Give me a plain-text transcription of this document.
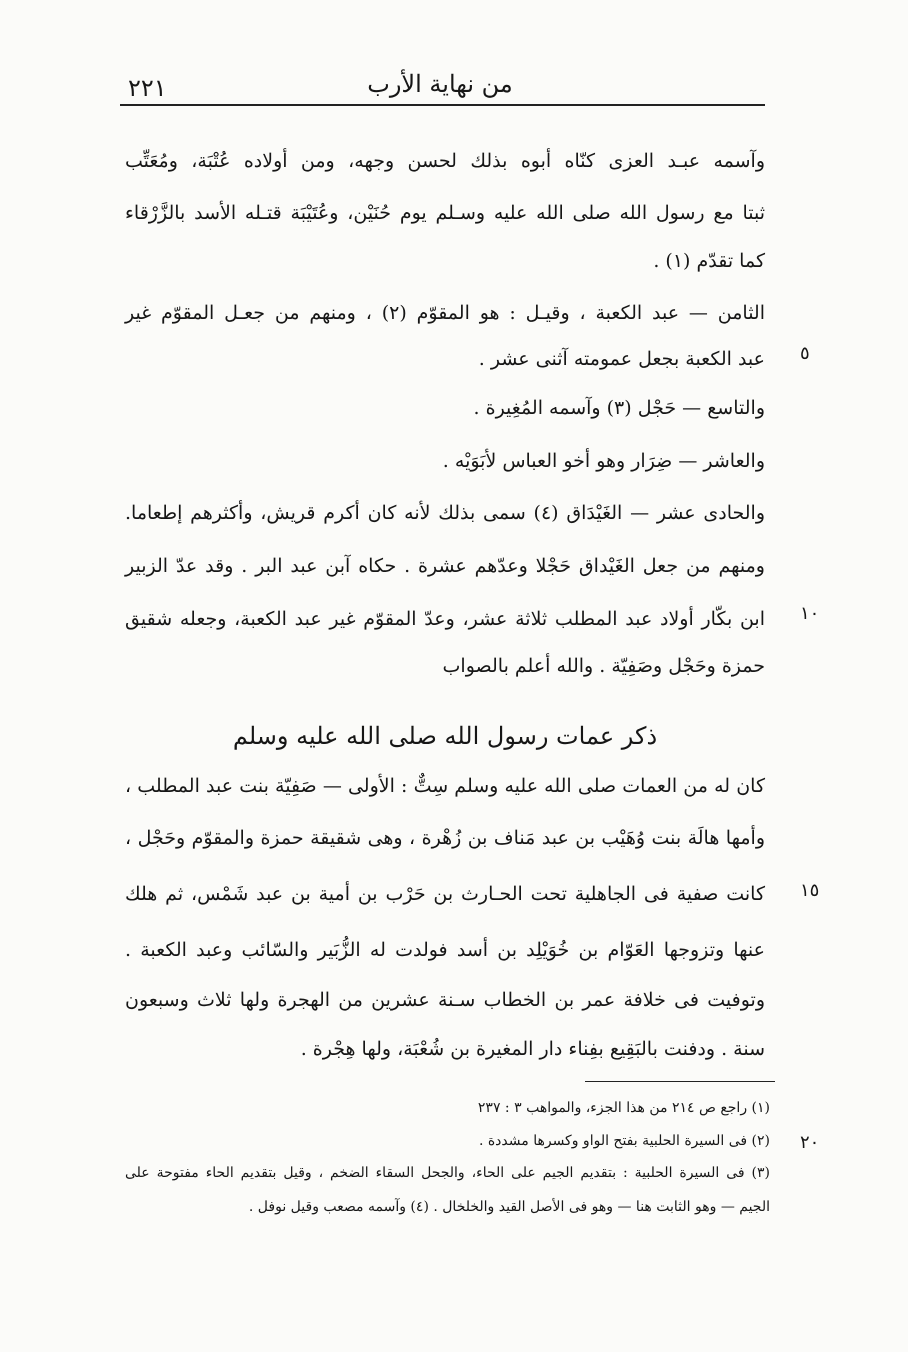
٢٢١	من نهاية الأرب
وآسمه عبـد العزى كنّاه أبوه بذلك لحسن وجهه، ومن أولاده عُتْبَة، ومُعَتِّب
ثبتا مع رسول الله صلى الله عليه وسـلم يوم حُنَيْن، وعُتَيْبَة قتـله الأسد بالزَّرْقاء
كما تقدّم (١) .
الثامن — عبد الكعبة ، وقيـل : هو المقوّم (٢) ، ومنهم من جعـل المقوّم غير
عبد الكعبة بجعل عمومته آثنى عشر .
والتاسع — حَجْل (٣) وآسمه المُغِيرة .
والعاشر — ضِرَار وهو أخو العباس لأبَوَيْه .
والحادى عشر — الغَيْدَاق (٤) سمى بذلك لأنه كان أكرم قريش، وأكثرهم إطعاما.
ومنهم من جعل الغَيْداق حَجْلا وعدّهم عشرة . حكاه آبن عبد البر . وقد عدّ الزبير
ابن بكّار أولاد عبد المطلب ثلاثة عشر، وعدّ المقوّم غير عبد الكعبة، وجعله شقيق
حمزة وحَجْل وصَفِيّة . والله أعلم بالصواب
ذكر عمات رسول الله صلى الله عليه وسلم
كان له من العمات صلى الله عليه وسلم سِتٌّ : الأولى — صَفِيّة بنت عبد المطلب ،
وأمها هالَة بنت وُهَيْب بن عبد مَناف بن زُهْرة ، وهى شقيقة حمزة والمقوّم وحَجْل ،
كانت صفية فى الجاهلية تحت الحـارث بن حَرْب بن أمية بن عبد شَمْس، ثم هلك
عنها وتزوجها العَوّام بن خُوَيْلِد بن أسد فولدت له الزُّبَير والسّائب وعبد الكعبة .
وتوفيت فى خلافة عمر بن الخطاب سـنة عشرين من الهجرة ولها ثلاث وسبعون
سنة . ودفنت بالبَقِيع بفِناء دار المغيرة بن شُعْبَة، ولها هِجْرة .
٥
١٠
١٥
٢٠
(١) راجع ص ٢١٤ من هذا الجزء، والمواهب ٣ : ٢٣٧
(٢) فى السيرة الحلبية بفتح الواو وكسرها مشددة .
(٣) فى السيرة الحلبية : بتقديم الجيم على الحاء، والجحل السقاء الضخم ، وقيل بتقديم الحاء مفتوحة على
الجيم — وهو الثابت هنا — وهو فى الأصل القيد والخلخال . (٤) وآسمه مصعب وقيل نوفل .
